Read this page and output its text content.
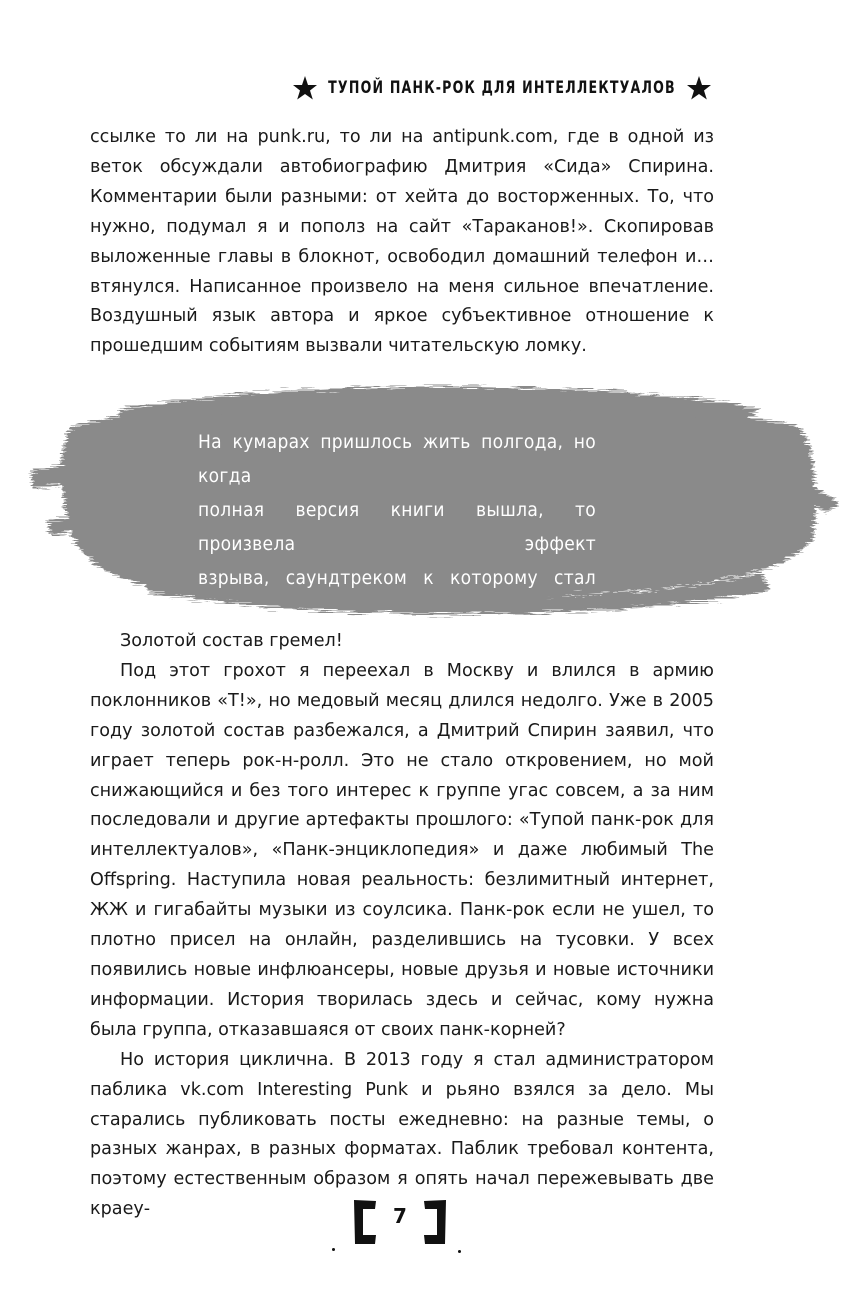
ТУПОЙ ПАНК-РОК ДЛЯ ИНТЕЛЛЕКТУАЛОВ

ссылке то ли на punk.ru, то ли на antipunk.com, где в одной из веток обсуждали автобиографию Дмитрия «Сида» Спирина. Комментарии были разными: от хейта до восторженных. То, что нужно, подумал я и пополз на сайт «Тараканов!». Скопировав выложенные главы в блокнот, освободил домашний телефон и… втянулся. Написанное произвело на меня сильное впечатление. Воздушный язык автора и яркое субъективное отношение к прошедшим событиям вызвали читательскую ломку.

На кумарах пришлось жить полгода, но когда
полная версия книги вышла, то произвела эффект
взрыва, саундтреком к которому стал альбом
«Улица свободы».

Золотой состав гремел!

Под этот грохот я переехал в Москву и влился в армию поклонников «Т!», но медовый месяц длился недолго. Уже в 2005 году золотой состав разбежался, а Дмитрий Спирин заявил, что играет теперь рок-н-ролл. Это не стало откровением, но мой снижающийся и без того интерес к группе угас совсем, а за ним последовали и другие артефакты прошлого: «Тупой панк-рок для интеллектуалов», «Панк-энциклопедия» и даже любимый The Offspring. Наступила новая реальность: безлимитный интернет, ЖЖ и гигабайты музыки из соулсика. Панк-рок если не ушел, то плотно присел на онлайн, разделившись на тусовки. У всех появились новые инфлюансеры, новые друзья и новые источники информации. История творилась здесь и сейчас, кому нужна была группа, отказавшаяся от своих панк-корней?

Но история циклична. В 2013 году я стал администратором паблика vk.com Interesting Punk и рьяно взялся за дело. Мы старались публиковать посты ежедневно: на разные темы, о разных жанрах, в разных форматах. Паблик требовал контента, поэтому естественным образом я опять начал пережевывать две краеу-	7
